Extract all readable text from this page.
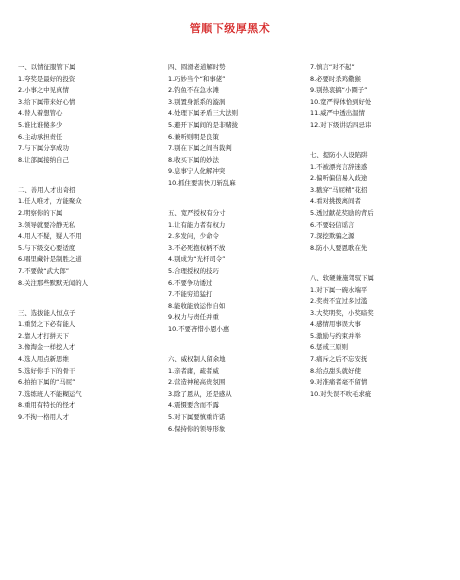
管顺下级厚黑术
一、以情征服管下属
1.夸奖是最好的投资
2.小事之中见真情
3.给下属带来好心情
4.替人着想管心
5.谁比谁傻多少
6.主动承担责任
7.与下属分享成功
8.让部属接纳自己
二、善用人才出奇招
1.任人唯才，方能聚众
2.明察你的下属
3.领导就要冷静无私
4.用人不疑，疑人不用
5.与下级交心要适度
6.唱里藏针是制胜之道
7.不要做“武大郎”
8.关注那些默默无闻的人
三、选拔能人恒点子
1.重贤之下必有能人
2.靠人才打拼天下
3.像淘金一样挖人才
4.选人用点新思维
5.选好你手下的骨干
6.拍拍下属的“马屁”
7.选练班人不能糊运气
8.重用有特长的怪才
9.不拘一格用人才
四、圆滑老道解时势
1.巧妙当个“和事佬”
2.钓鱼不在急水滩
3.别置身派系的漩涡
4.处理下属矛盾三大法则
5.避开下属间的是非赌拢
6.兼听则明是良策
7.别在下属之间当裁判
8.收买下属的妙法
9.息事宁人化解冲突
10.抓住要害快刀斩乱麻
五、宽严授权有分寸
1.让有能力者有权力
2.多发问，少命令
3.不必死抱权柄不放
4.别成为“光杆司令”
5.合理授权的技巧
6.不要争功诿过
7.不能穷追猛打
8.能收能放运作自如
9.权力与责任并重
10.不要吝惜小恩小惠
六、威权制人留余地
1.亲者庸，疏者威
2.营造神秘高贵氛围
3.除了恩从，还是感从
4.震慑要含而不露
5.对下属要慎重许诺
6.保持你的领导形象
7.慎言“对不起”
8.必要时杀鸡儆猴
9.别热衷搞“小圈子”
10.宽严得体恰到好处
11.威严中透出温情
12.对下级讲话四忌讳
七、提防小人设陷阱
1.不被漂亮言辞迷惑
2.偏听偏信易入歧途
3.戳穿“马屁精”花招
4.看对挑拨离间者
5.透过献花奖励的背后
6.不要轻信谣言
7.深挖欺骗之源
8.防小人要恩歌在先
八、软硬兼施驾驭下属
1.对下属一碗水端平
2.奖责不宜过多过滥
3.大奖明奖，小奖暗奖
4.感情用事误大事
5.激励与约束并举
6.惩戒三原则
7.痛斥之后不忘安抚
8.给点甜头就好使
9.对准痛者毫不留情
10.对失误不吹毛求疵
